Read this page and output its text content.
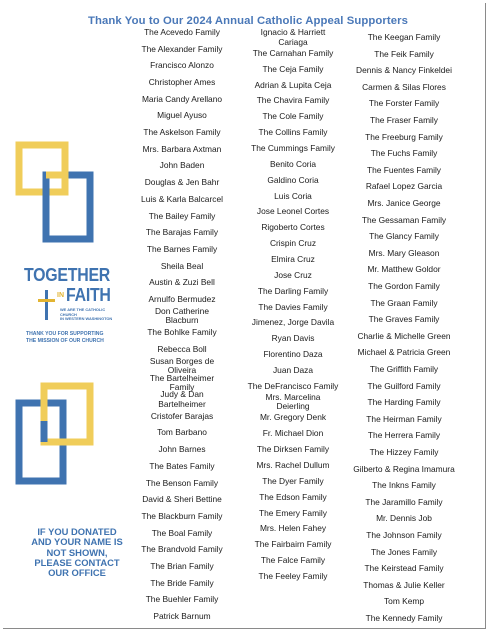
Thank You to Our 2024 Annual Catholic Appeal Supporters
TOGETHER
IN FAITH
WE ARE THE CATHOLIC CHURCH
IN WESTERN WASHINGTON
THANK YOU FOR SUPPORTING
THE MISSION OF OUR CHURCH
IF YOU DONATED
AND YOUR NAME IS
NOT SHOWN,
PLEASE CONTACT
OUR OFFICE
The Acevedo Family
The Alexander Family
Francisco Alonzo
Christopher Ames
Maria Candy Arellano
Miguel Ayuso
The Askelson Family
Mrs. Barbara Axtman
John Baden
Douglas & Jen Bahr
Luis & Karla Balcarcel
The Bailey Family
The Barajas Family
The Barnes Family
Sheila Beal
Austin & Zuzi Bell
Arnulfo Bermudez
Don Catherine
Blacburn
The Bohlke Family
Rebecca Boll
Susan Borges de
Oliveira
The Bartelheimer
Family
Judy & Dan
Bartelheimer
Cristofer Barajas
Tom Barbano
John Barnes
The Bates Family
The Benson Family
David & Sheri Bettine
The Blackburn Family
The Boal Family
The Brandvold Family
The Brian Family
The Bride Family
The Buehler Family
Patrick Barnum
Ignacio & Harriett
Cariaga
The Carnahan Family
The Ceja Family
Adrian & Lupita Ceja
The Chavira Family
The Cole Family
The Collins Family
The Cummings Family
Benito Coria
Galdino Coria
Luis Coria
Jose Leonel Cortes
Rigoberto Cortes
Crispin Cruz
Elmira Cruz
Jose Cruz
The Darling Family
The Davies Family
Jimenez, Jorge Davila
Ryan Davis
Florentino Daza
Juan Daza
The DeFrancisco Family
Mrs. Marcelina
Deierling
Mr. Gregory Denk
Fr. Michael Dion
The Dirksen Family
Mrs. Rachel Dullum
The Dyer Family
The Edson Family
The Emery Family
Mrs. Helen Fahey
The Fairbairn Family
The Falce Family
The Feeley Family
The Keegan Family
The Feik Family
Dennis & Nancy Finkeldei
Carmen & Silas Flores
The Forster Family
The Fraser Family
The Freeburg Family
The Fuchs Family
The Fuentes Family
Rafael Lopez Garcia
Mrs. Janice George
The Gessaman Family
The Glancy Family
Mrs. Mary Gleason
Mr. Matthew Goldor
The Gordon Family
The Graan Family
The Graves Family
Charlie & Michelle Green
Michael & Patricia Green
The Griffith Family
The Guilford Family
The Harding Family
The Heirman Family
The Herrera Family
The Hizzey Family
Gilberto & Regina Imamura
The Inkns Family
The Jaramillo Family
Mr. Dennis Job
The Johnson Family
The Jones Family
The Keirstead Family
Thomas & Julie Keller
Tom Kemp
The Kennedy Family
